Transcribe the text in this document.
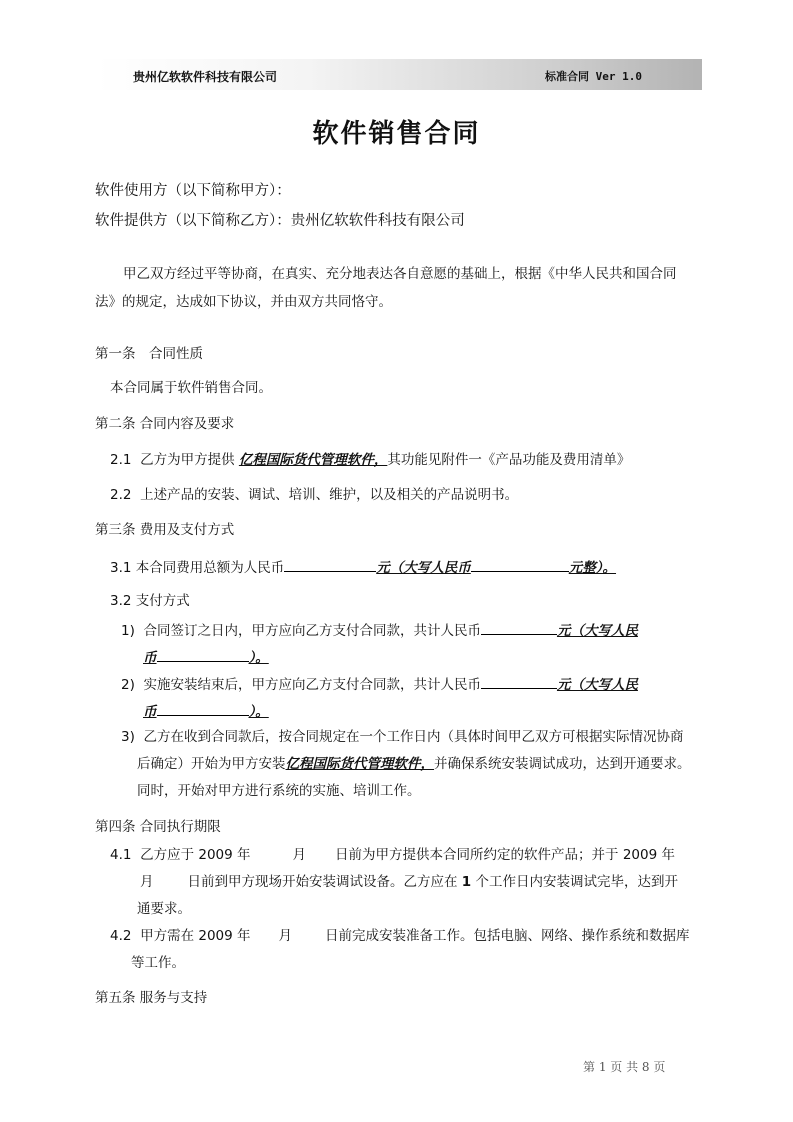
贵州亿软软件科技有限公司	标准合同 Ver 1.0
软件销售合同
软件使用方（以下简称甲方）：
软件提供方（以下简称乙方）：贵州亿软软件科技有限公司
甲乙双方经过平等协商，在真实、充分地表达各自意愿的基础上，根据《中华人民共和国合同
法》的规定，达成如下协议，并由双方共同恪守。
第一条　合同性质
本合同属于软件销售合同。
第二条 合同内容及要求
2.1 乙方为甲方提供 亿程国际货代管理软件，其功能见附件一《产品功能及费用清单》
2.2 上述产品的安装、调试、培训、维护，以及相关的产品说明书。
第三条 费用及支付方式
3.1 本合同费用总额为人民币	元（大写人民币	元整）。
3.2 支付方式
1) 合同签订之日内，甲方应向乙方支付合同款，共计人民币	元（大写人民
币	）。
2) 实施安装结束后，甲方应向乙方支付合同款，共计人民币	元（大写人民
币	）。
3) 乙方在收到合同款后，按合同规定在一个工作日内（具体时间甲乙双方可根据实际情况协商
后确定）开始为甲方安装亿程国际货代管理软件，并确保系统安装调试成功，达到开通要求。
同时，开始对甲方进行系统的实施、培训工作。
第四条 合同执行期限
4.1 乙方应于 2009 年	月 日前为甲方提供本合同所约定的软件产品；并于 2009 年
月	日前到甲方现场开始安装调试设备。乙方应在 1 个工作日内安装调试完毕，达到开
通要求。
4.2 甲方需在 2009 年 月 日前完成安装准备工作。包括电脑、网络、操作系统和数据库
等工作。
第五条 服务与支持
第 1 页 共 8 页
